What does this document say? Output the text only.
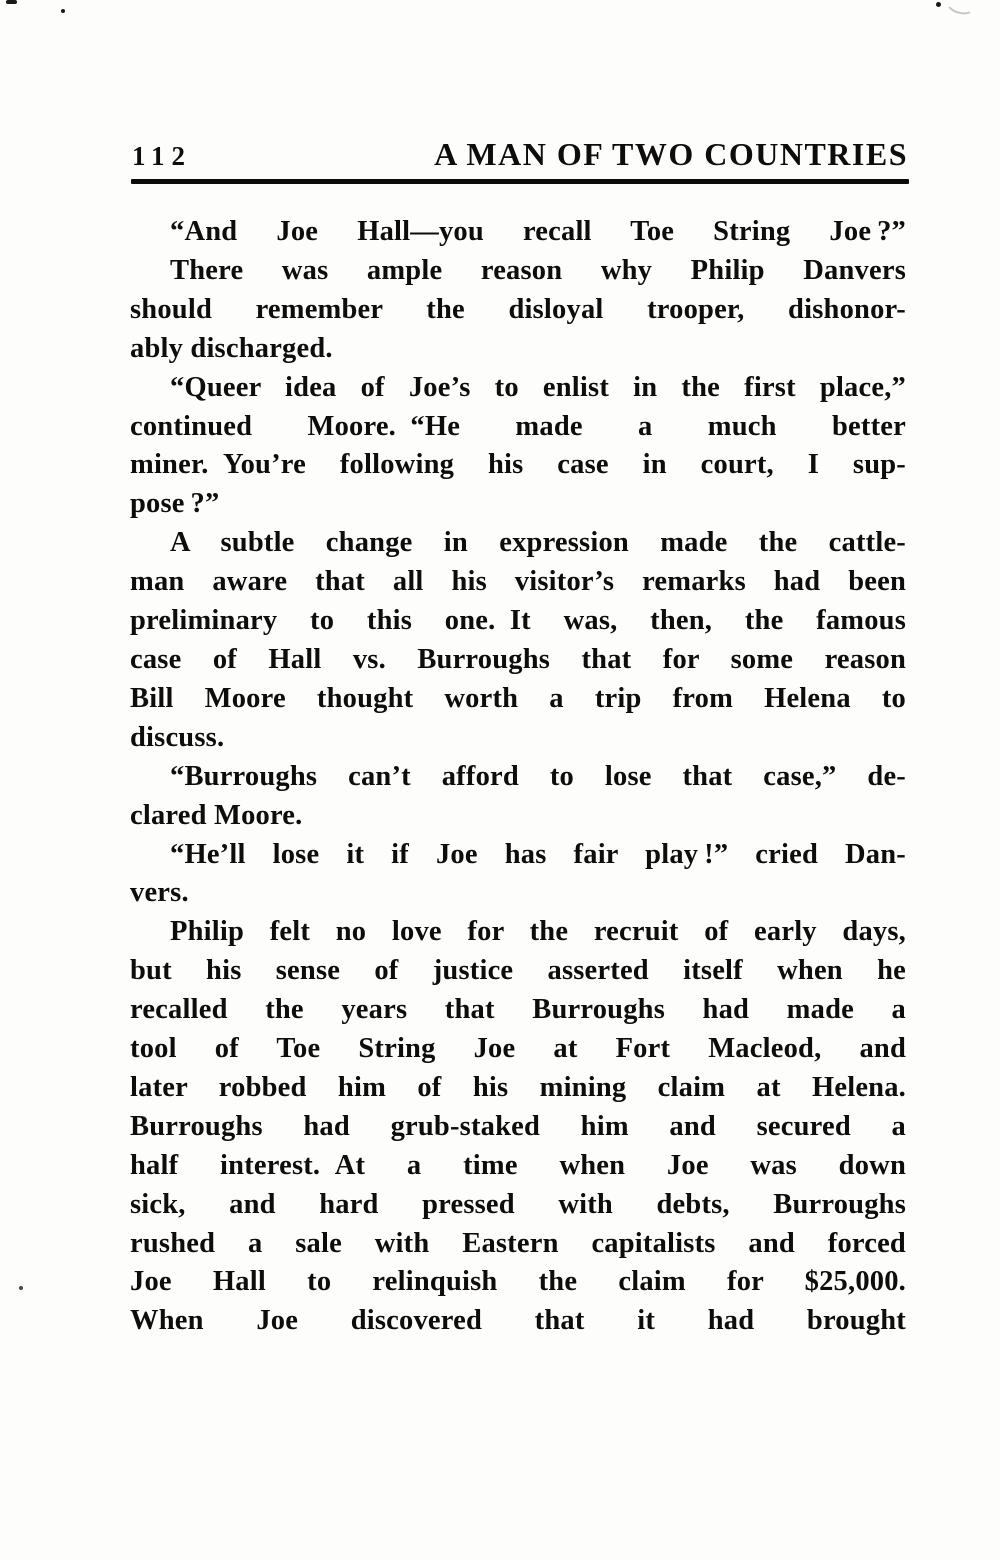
112	A MAN OF TWO COUNTRIES
“And Joe Hall—you recall Toe String Joe ?”
There was ample reason why Philip Danvers
should remember the disloyal trooper, dishonor-
ably discharged.
“Queer idea of Joe’s to enlist in the first place,”
continued Moore. “He made a much better
miner. You’re following his case in court, I sup-
pose ?”
A subtle change in expression made the cattle-
man aware that all his visitor’s remarks had been
preliminary to this one. It was, then, the famous
case of Hall vs. Burroughs that for some reason
Bill Moore thought worth a trip from Helena to
discuss.
“Burroughs can’t afford to lose that case,” de-
clared Moore.
“He’ll lose it if Joe has fair play !” cried Dan-
vers.
Philip felt no love for the recruit of early days,
but his sense of justice asserted itself when he
recalled the years that Burroughs had made a
tool of Toe String Joe at Fort Macleod, and
later robbed him of his mining claim at Helena.
Burroughs had grub-staked him and secured a
half interest. At a time when Joe was down
sick, and hard pressed with debts, Burroughs
rushed a sale with Eastern capitalists and forced
Joe Hall to relinquish the claim for $25,000.
When Joe discovered that it had brought
